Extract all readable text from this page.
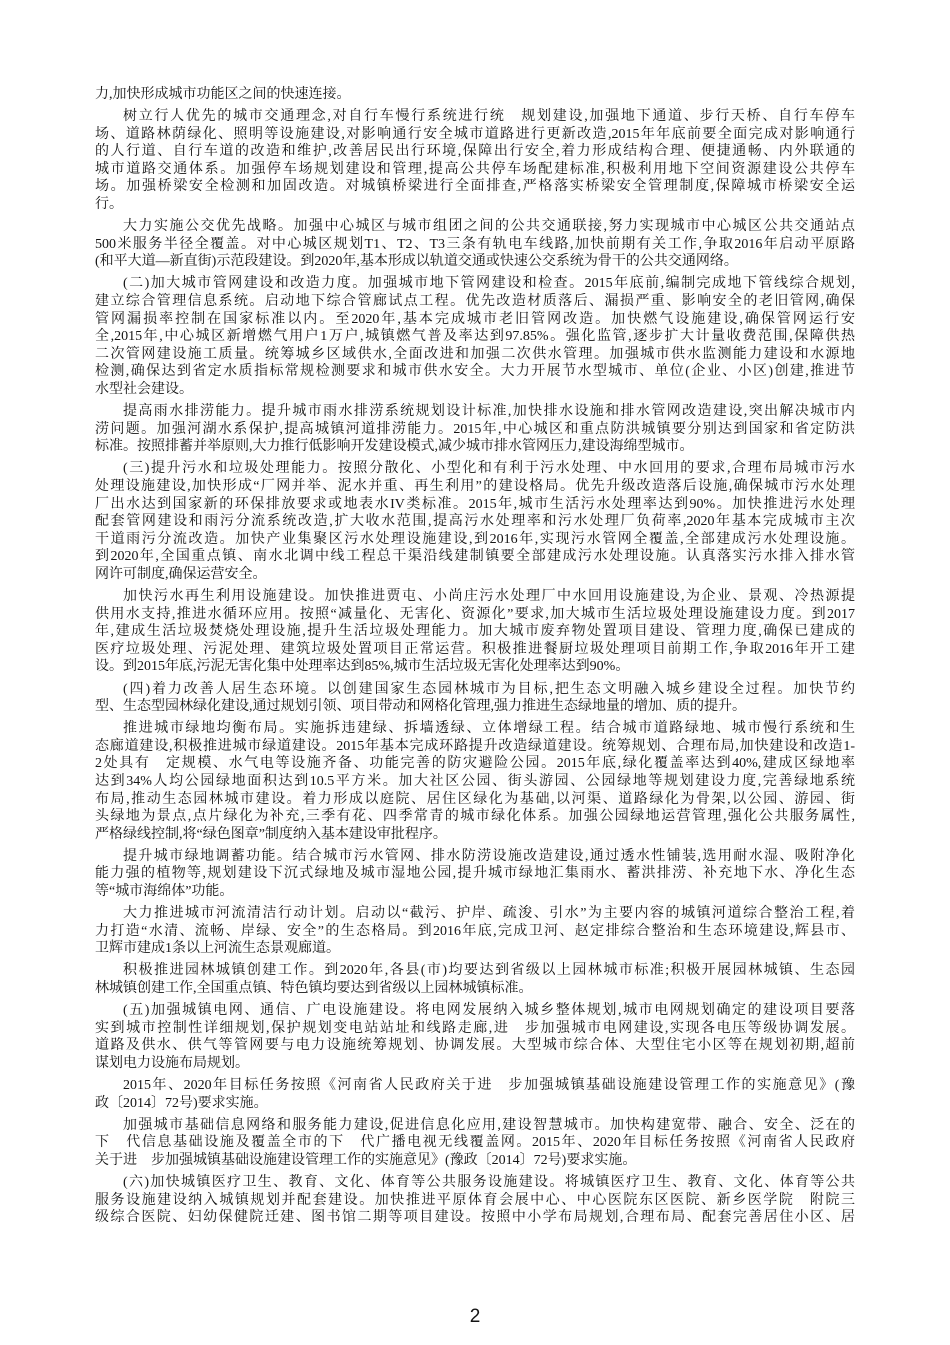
力,加快形成城市功能区之间的快速连接。
树立行人优先的城市交通理念,对自行车慢行系统进行统　规划建设,加强地下通道、步行天桥、自行车停车
场、道路林荫绿化、照明等设施建设,对影响通行安全城市道路进行更新改造,2015年年底前要全面完成对影响通行
的人行道、自行车道的改造和维护,改善居民出行环境,保障出行安全,着力形成结构合理、便捷通畅、内外联通的
城市道路交通体系。加强停车场规划建设和管理,提高公共停车场配建标准,积极利用地下空间资源建设公共停车
场。加强桥梁安全检测和加固改造。对城镇桥梁进行全面排查,严格落实桥梁安全管理制度,保障城市桥梁安全运
行。
大力实施公交优先战略。加强中心城区与城市组团之间的公共交通联接,努力实现城市中心城区公共交通站点
500米服务半径全覆盖。对中心城区规划T1、T2、T3三条有轨电车线路,加快前期有关工作,争取2016年启动平原路
(和平大道—新直街)示范段建设。到2020年,基本形成以轨道交通或快速公交系统为骨干的公共交通网络。
(二)加大城市管网建设和改造力度。加强城市地下管网建设和检查。2015年底前,编制完成地下管线综合规划,
建立综合管理信息系统。启动地下综合管廊试点工程。优先改造材质落后、漏损严重、影响安全的老旧管网,确保
管网漏损率控制在国家标准以内。至2020年,基本完成城市老旧管网改造。加快燃气设施建设,确保管网运行安
全,2015年,中心城区新增燃气用户1万户,城镇燃气普及率达到97.85%。强化监管,逐步扩大计量收费范围,保障供热
二次管网建设施工质量。统筹城乡区域供水,全面改进和加强二次供水管理。加强城市供水监测能力建设和水源地
检测,确保达到省定水质指标常规检测要求和城市供水安全。大力开展节水型城市、单位(企业、小区)创建,推进节
水型社会建设。
提高雨水排涝能力。提升城市雨水排涝系统规划设计标准,加快排水设施和排水管网改造建设,突出解决城市内
涝问题。加强河湖水系保护,提高城镇河道排涝能力。2015年,中心城区和重点防洪城镇要分别达到国家和省定防洪
标准。按照排蓄并举原则,大力推行低影响开发建设模式,减少城市排水管网压力,建设海绵型城市。
(三)提升污水和垃圾处理能力。按照分散化、小型化和有利于污水处理、中水回用的要求,合理布局城市污水
处理设施建设,加快形成“厂网并举、泥水并重、再生利用”的建设格局。优先升级改造落后设施,确保城市污水处理
厂出水达到国家新的环保排放要求或地表水IV类标准。2015年,城市生活污水处理率达到90%。加快推进污水处理
配套管网建设和雨污分流系统改造,扩大收水范围,提高污水处理率和污水处理厂负荷率,2020年基本完成城市主次
干道雨污分流改造。加快产业集聚区污水处理设施建设,到2016年,实现污水管网全覆盖,全部建成污水处理设施。
到2020年,全国重点镇、南水北调中线工程总干渠沿线建制镇要全部建成污水处理设施。认真落实污水排入排水管
网许可制度,确保运营安全。
加快污水再生利用设施建设。加快推进贾屯、小尚庄污水处理厂中水回用设施建设,为企业、景观、冷热源提
供用水支持,推进水循环应用。按照“减量化、无害化、资源化”要求,加大城市生活垃圾处理设施建设力度。到2017
年,建成生活垃圾焚烧处理设施,提升生活垃圾处理能力。加大城市废弃物处置项目建设、管理力度,确保已建成的
医疗垃圾处理、污泥处理、建筑垃圾处置项目正常运营。积极推进餐厨垃圾处理项目前期工作,争取2016年开工建
设。到2015年底,污泥无害化集中处理率达到85%,城市生活垃圾无害化处理率达到90%。
(四)着力改善人居生态环境。以创建国家生态园林城市为目标,把生态文明融入城乡建设全过程。加快节约
型、生态型园林绿化建设,通过规划引领、项目带动和网格化管理,强力推进生态绿地量的增加、质的提升。
推进城市绿地均衡布局。实施拆违建绿、拆墙透绿、立体增绿工程。结合城市道路绿地、城市慢行系统和生
态廊道建设,积极推进城市绿道建设。2015年基本完成环路提升改造绿道建设。统筹规划、合理布局,加快建设和改造1-
2处具有　定规模、水气电等设施齐备、功能完善的防灾避险公园。2015年底,绿化覆盖率达到40%,建成区绿地率
达到34%人均公园绿地面积达到10.5平方米。加大社区公园、街头游园、公园绿地等规划建设力度,完善绿地系统
布局,推动生态园林城市建设。着力形成以庭院、居住区绿化为基础,以河渠、道路绿化为骨架,以公园、游园、街
头绿地为景点,点片绿化为补充,三季有花、四季常青的城市绿化体系。加强公园绿地运营管理,强化公共服务属性,
严格绿线控制,将“绿色图章”制度纳入基本建设审批程序。
提升城市绿地调蓄功能。结合城市污水管网、排水防涝设施改造建设,通过透水性铺装,选用耐水湿、吸附净化
能力强的植物等,规划建设下沉式绿地及城市湿地公园,提升城市绿地汇集雨水、蓄洪排涝、补充地下水、净化生态
等“城市海绵体”功能。
大力推进城市河流清洁行动计划。启动以“截污、护岸、疏浚、引水”为主要内容的城镇河道综合整治工程,着
力打造“水清、流畅、岸绿、安全”的生态格局。到2016年底,完成卫河、赵定排综合整治和生态环境建设,辉县市、
卫辉市建成1条以上河流生态景观廊道。
积极推进园林城镇创建工作。到2020年,各县(市)均要达到省级以上园林城市标准;积极开展园林城镇、生态园
林城镇创建工作,全国重点镇、特色镇均要达到省级以上园林城镇标准。
(五)加强城镇电网、通信、广电设施建设。将电网发展纳入城乡整体规划,城市电网规划确定的建设项目要落
实到城市控制性详细规划,保护规划变电站站址和线路走廊,进　步加强城市电网建设,实现各电压等级协调发展。
道路及供水、供气等管网要与电力设施统筹规划、协调发展。大型城市综合体、大型住宅小区等在规划初期,超前
谋划电力设施布局规划。
2015年、2020年目标任务按照《河南省人民政府关于进　步加强城镇基础设施建设管理工作的实施意见》(豫
政〔2014〕72号)要求实施。
加强城市基础信息网络和服务能力建设,促进信息化应用,建设智慧城市。加快构建宽带、融合、安全、泛在的
下　代信息基础设施及覆盖全市的下　代广播电视无线覆盖网。2015年、2020年目标任务按照《河南省人民政府
关于进　步加强城镇基础设施建设管理工作的实施意见》(豫政〔2014〕72号)要求实施。
(六)加快城镇医疗卫生、教育、文化、体育等公共服务设施建设。将城镇医疗卫生、教育、文化、体育等公共
服务设施建设纳入城镇规划并配套建设。加快推进平原体育会展中心、中心医院东区医院、新乡医学院　附院三
级综合医院、妇幼保健院迁建、图书馆二期等项目建设。按照中小学布局规划,合理布局、配套完善居住小区、居
2
